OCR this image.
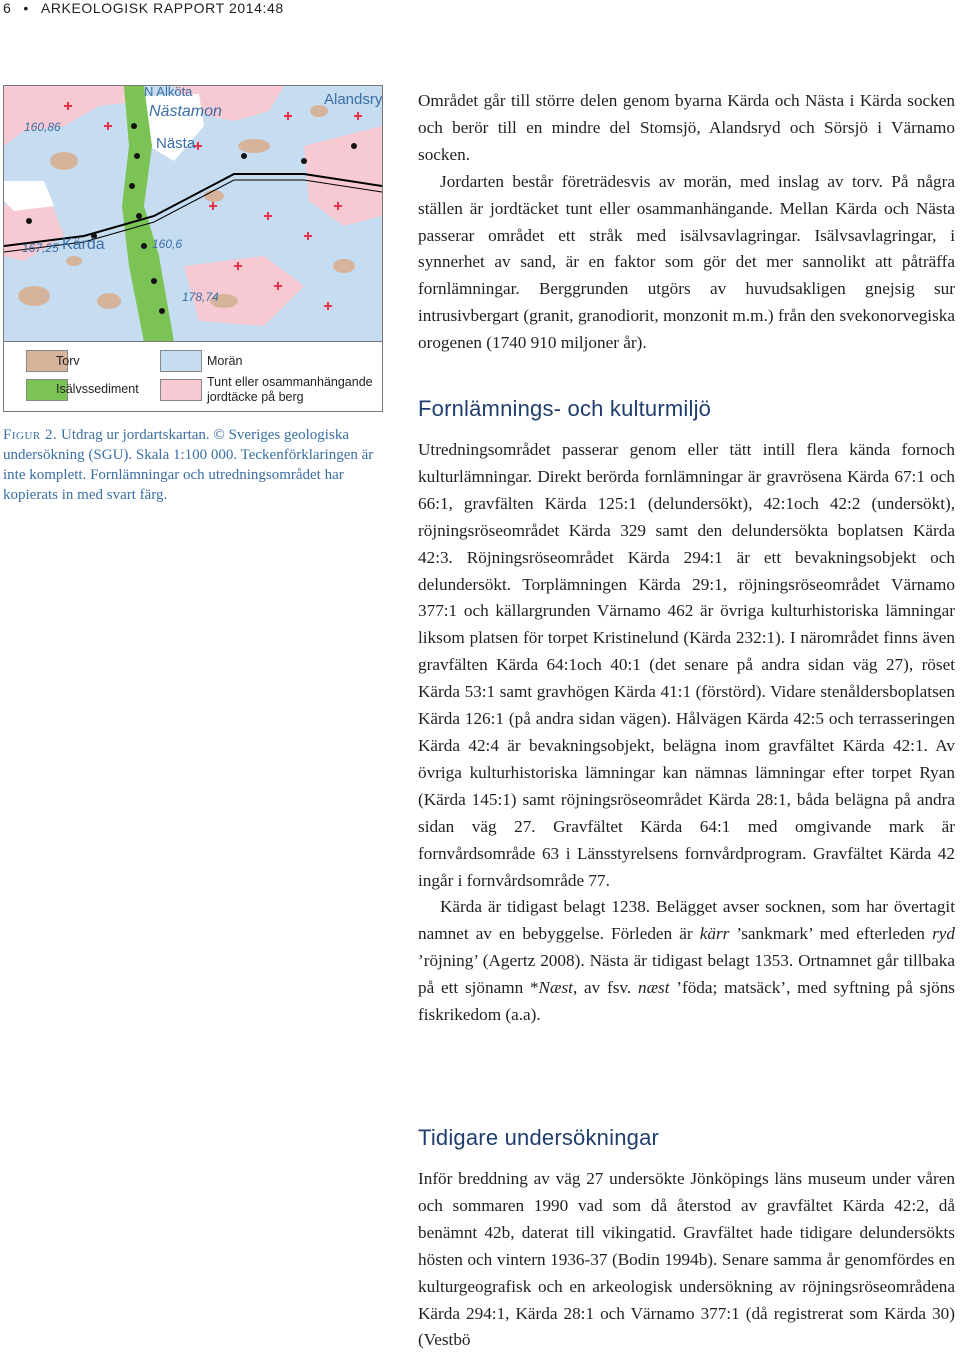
6 • ARKEOLOGISK RAPPORT 2014:48
Nästamon
Nästa
Alandsry
N Alköta
Kärda
160,86
167,25	160,6
178,74
Torv	Morän
Isälvssediment	Tunt eller osammanhängande jordtäcke på berg
Figur 2. Utdrag ur jordartskartan. © Sveriges geologiska undersökning (SGU). Skala 1:100 000. Teckenförklaringen är inte komplett. Fornlämningar och utredningsområdet har kopierats in med svart färg.

Området går till större delen genom byarna Kärda och Nästa i Kärda socken och berör till en mindre del Stomsjö, Alandsryd och Sörsjö i Värnamo socken.

Jordarten består företrädesvis av morän, med inslag av torv. På några ställen är jordtäcket tunt eller osammanhängande. Mellan Kärda och Nästa passerar området ett stråk med isälvsavlagringar. Isälvsavlagringar, i synnerhet av sand, är en faktor som gör det mer sannolikt att påträffa fornlämningar. Berggrunden utgörs av huvudsakligen gnejsig sur intrusivbergart (granit, granodiorit, monzonit m.m.) från den svekonorvegiska orogenen (1740 910 miljoner år).

Fornlämnings- och kulturmiljö

Utredningsområdet passerar genom eller tätt intill flera kända fornoch kulturlämningar. Direkt berörda fornlämningar är gravrösena Kärda 67:1 och 66:1, gravfälten Kärda 125:1 (delundersökt), 42:1och 42:2 (undersökt), röjningsröseområdet Kärda 329 samt den delundersökta boplatsen Kärda 42:3. Röjningsröseområdet Kärda 294:1 är ett bevakningsobjekt och delundersökt. Torplämningen Kärda 29:1, röjningsröseområdet Värnamo 377:1 och källargrunden Värnamo 462 är övriga kulturhistoriska lämningar liksom platsen för torpet Kristinelund (Kärda 232:1). I närområdet finns även gravfälten Kärda 64:1och 40:1 (det senare på andra sidan väg 27), röset Kärda 53:1 samt gravhögen Kärda 41:1 (förstörd). Vidare stenåldersboplatsen Kärda 126:1 (på andra sidan vägen). Hålvägen Kärda 42:5 och terrasseringen Kärda 42:4 är bevakningsobjekt, belägna inom gravfältet Kärda 42:1. Av övriga kulturhistoriska lämningar kan nämnas lämningar efter torpet Ryan (Kärda 145:1) samt röjningsröseområdet Kärda 28:1, båda belägna på andra sidan väg 27. Gravfältet Kärda 64:1 med omgivande mark är fornvårdsområde 63 i Länsstyrelsens fornvårdprogram. Gravfältet Kärda 42 ingår i fornvårdsområde 77.

Kärda är tidigast belagt 1238. Belägget avser socknen, som har övertagit namnet av en bebyggelse. Förleden är kärr ’sankmark’ med efterleden ryd ’röjning’ (Agertz 2008). Nästa är tidigast belagt 1353. Ortnamnet går tillbaka på ett sjönamn *Næst, av fsv. næst ’föda; matsäck’, med syftning på sjöns fiskrikedom (a.a).

Tidigare undersökningar

Inför breddning av väg 27 undersökte Jönköpings läns museum under våren och sommaren 1990 vad som då återstod av gravfältet Kärda 42:2, då benämnt 42b, daterat till vikingatid. Gravfältet hade tidigare delundersökts hösten och vintern 1936-37 (Bodin 1994b). Senare samma år genomfördes en kulturgeografisk och en arkeologisk undersökning av röjningsröseområdena Kärda 294:1, Kärda 28:1 och Värnamo 377:1 (då registrerat som Kärda 30) (Vestbö
